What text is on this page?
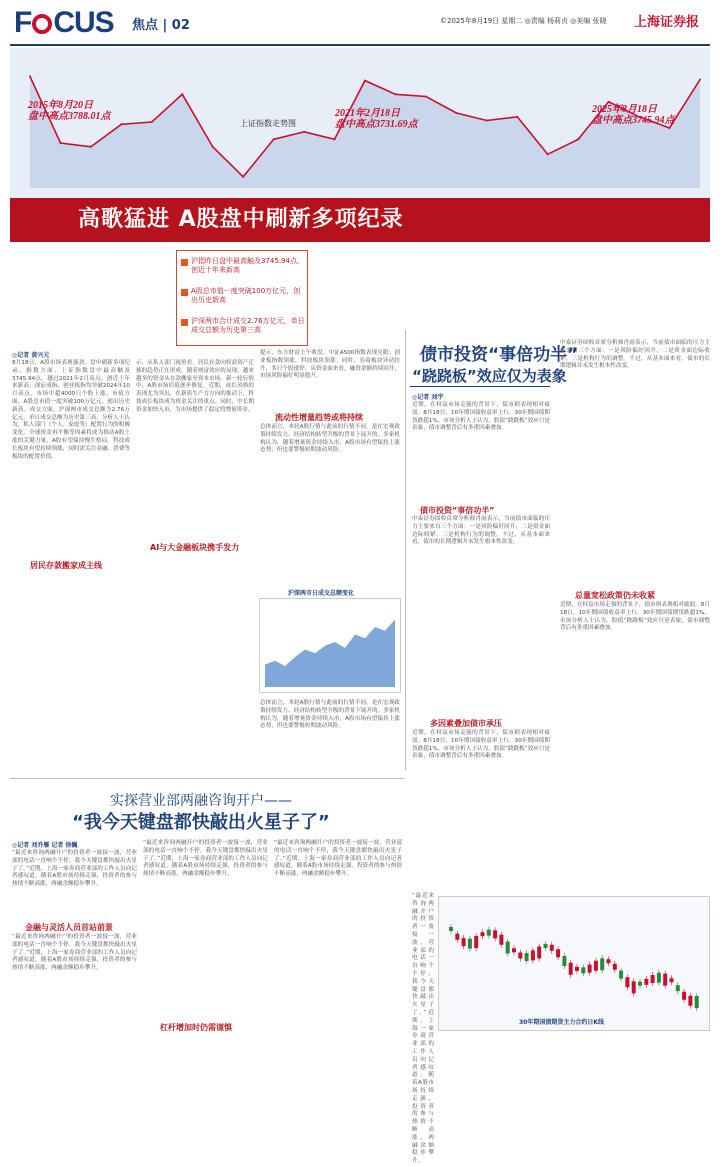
F CUS 焦点 | 02	©2025年8月19日 星期二 ◎责编 杨莉贞 ◎美编 张晓 上海证券报
上证指数走势图
2015年8月20日
盘中高点3788.01点	2021年2月18日
盘中高点3731.69点
2025年8月18日
盘中高点3745.94点
高歌猛进 A股盘中刷新多项纪录
沪指昨日盘中最高触及3745.94点，创近十年来新高
A股总市值一度突破100万亿元，创出历史新高
沪深两市合计成交2.76万亿元，单日成交总额为历史第三高
◎记者 黄兴元
8月18日，A股市场表现强劲，盘中刷新多项纪录。指数方面，上证指数盘中最高触及3745.94点，越过2021年2月高点，创近十年来新高；深证成指、创业板指均突破2024年10月高点，市场中超4000只个股上涨。市值方面，A股总市值一度突破100万亿元，创出历史新高。成交方面，沪深两市成交总额为2.76万亿元，单日成交总额为历史第三高。分析人士认为，私人部门（个人、家庭等）配置行为的积极变化、全球资金再平衡等因素将成为推动A股上涨的关键力量，A股有望保持慢牛格局。科技成长板块有望持续领涨，同时需关注金融、消费等板块的配置价值。
居民存款搬家成主线
示，从私人部门视角看，居民存款向权益资产迁移的趋势正在形成。随着财富效应的显现，越来越多的资金从存款搬家至资本市场。新一轮行情中，A股市场估值逐步修复。近期，成长风格的表现尤为突出，在新质生产力方向的推动下，科技成长板块成为资金关注的重点。同时，中长期资金加快入市，为市场提供了稳定的增量资金。
AI与大金融板块携手发力
提示，东方财富上午收盘，中证A500指数表现亮眼；创业板指数领涨，科技板块领涨。同时，券商板块异动拉升，多只个股涨停。从资金面来看，融资余额持续回升，市场风险偏好明显提升。
流动性增量趋势或将持续
总体而言，本轮A股行情与此前的行情不同，是在宏观政策持续发力、经济结构转型升级的背景下展开的。多家机构认为，随着增量资金持续入市，A股市场有望保持上涨态势，但也要警惕短期波动风险。
沪深两市日成交总额变化
总体而言，本轮A股行情与此前的行情不同，是在宏观政策持续发力、经济结构转型升级的背景下展开的。多家机构认为，随着增量资金持续入市，A股市场有望保持上涨态势，但也要警惕短期波动风险。
债市投资“事倍功半”
“跷跷板”效应仅为表象
◎记者 刘宇
近期，在权益市场走强的背景下，债市则表现相对疲弱。8月18日，10年期国债收益率上行，30年期国债期货跌超1%。市场分析人士认为，股债“跷跷板”效应只是表象，债市调整背后有多重因素叠加。
债市投资“事倍功半”
中泰证券固收首席分析师肖雨表示，当前债市面临的压力主要来自三个方面：一是风险偏好回升，二是资金面边际收紧，三是机构行为的调整。不过，从基本面来看，债市的长期逻辑并未发生根本性改变。
多因素叠加债市承压
近期，在权益市场走强的背景下，债市则表现相对疲弱。8月18日，10年期国债收益率上行，30年期国债期货跌超1%。市场分析人士认为，股债“跷跷板”效应只是表象，债市调整背后有多重因素叠加。
中泰证券固收首席分析师肖雨表示，当前债市面临的压力主要来自三个方面：一是风险偏好回升，二是资金面边际收紧，三是机构行为的调整。不过，从基本面来看，债市的长期逻辑并未发生根本性改变。
总量宽松政策仍未收紧
近期，在权益市场走强的背景下，债市则表现相对疲弱。8月18日，10年期国债收益率上行，30年期国债期货跌超1%。市场分析人士认为，股债“跷跷板”效应只是表象，债市调整背后有多重因素叠加。
30年期国债期货主力合约日K线
实探营业部两融咨询开户——
“我今天键盘都快敲出火星子了”
◎记者 刘乔雁 记者 徐巍
“最近来咨询两融开户的投资者一波接一波，营业部的电话一直响个不停，我今天键盘都快敲出火星子了。”近期，上海一家券商营业部的工作人员向记者感叹道。随着A股市场持续走强，投资者的参与热情不断高涨，两融余额稳步攀升。
金融与灵活人员首站前景
“最近来咨询两融开户的投资者一波接一波，营业部的电话一直响个不停，我今天键盘都快敲出火星子了。”近期，上海一家券商营业部的工作人员向记者感叹道。随着A股市场持续走强，投资者的参与热情不断高涨，两融余额稳步攀升。
“最近来咨询两融开户的投资者一波接一波，营业部的电话一直响个不停，我今天键盘都快敲出火星子了。”近期，上海一家券商营业部的工作人员向记者感叹道。随着A股市场持续走强，投资者的参与热情不断高涨，两融余额稳步攀升。
杠杆增加时仍需谨慎
“最近来咨询两融开户的投资者一波接一波，营业部的电话一直响个不停，我今天键盘都快敲出火星子了。”近期，上海一家券商营业部的工作人员向记者感叹道。随着A股市场持续走强，投资者的参与热情不断高涨，两融余额稳步攀升。
“最近来咨询两融开户的投资者一波接一波，营业部的电话一直响个不停，我今天键盘都快敲出火星子了。”近期，上海一家券商营业部的工作人员向记者感叹道。随着A股市场持续走强，投资者的参与热情不断高涨，两融余额稳步攀升。
